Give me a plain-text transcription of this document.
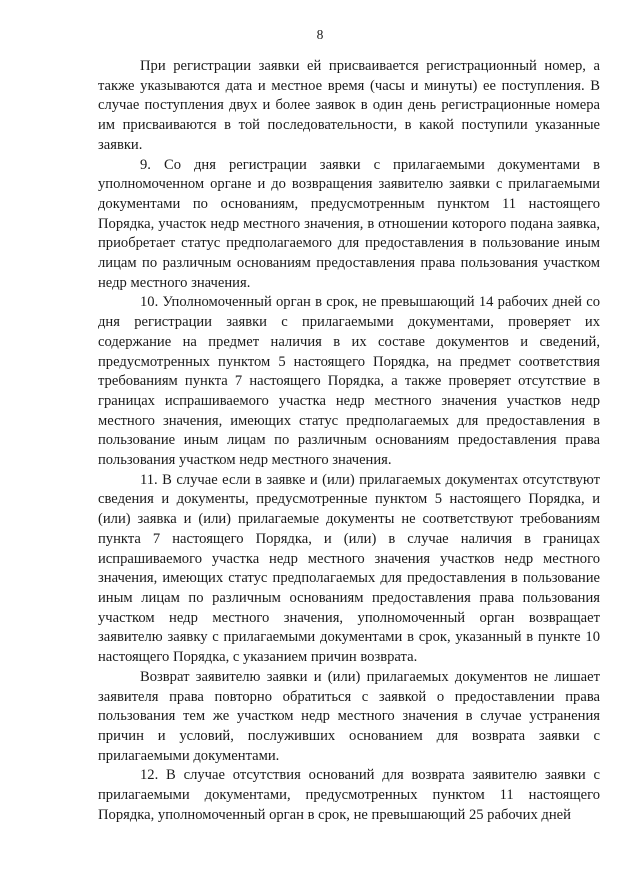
8

При регистрации заявки ей присваивается регистрационный номер, а также указываются дата и местное время (часы и минуты) ее поступления. В случае поступления двух и более заявок в один день регистрационные номера им присваиваются в той последовательности, в какой поступили указанные заявки.

9. Со дня регистрации заявки с прилагаемыми документами в уполномоченном органе и до возвращения заявителю заявки с прилагаемыми документами по основаниям, предусмотренным пунктом 11 настоящего Порядка, участок недр местного значения, в отношении которого подана заявка, приобретает статус предполагаемого для предоставления в пользование иным лицам по различным основаниям предоставления права пользования участком недр местного значения.

10. Уполномоченный орган в срок, не превышающий 14 рабочих дней со дня регистрации заявки с прилагаемыми документами, проверяет их содержание на предмет наличия в их составе документов и сведений, предусмотренных пунктом 5 настоящего Порядка, на предмет соответствия требованиям пункта 7 настоящего Порядка, а также проверяет отсутствие в границах испрашиваемого участка недр местного значения участков недр местного значения, имеющих статус предполагаемых для предоставления в пользование иным лицам по различным основаниям предоставления права пользования участком недр местного значения.

11. В случае если в заявке и (или) прилагаемых документах отсутствуют сведения и документы, предусмотренные пунктом 5 настоящего Порядка, и (или) заявка и (или) прилагаемые документы не соответствуют требованиям пункта 7 настоящего Порядка, и (или) в случае наличия в границах испрашиваемого участка недр местного значения участков недр местного значения, имеющих статус предполагаемых для предоставления в пользование иным лицам по различным основаниям предоставления права пользования участком недр местного значения, уполномоченный орган возвращает заявителю заявку с прилагаемыми документами в срок, указанный в пункте 10 настоящего Порядка, с указанием причин возврата.

Возврат заявителю заявки и (или) прилагаемых документов не лишает заявителя права повторно обратиться с заявкой о предоставлении права пользования тем же участком недр местного значения в случае устранения причин и условий, послуживших основанием для возврата заявки с прилагаемыми документами.

12. В случае отсутствия оснований для возврата заявителю заявки с прилагаемыми документами, предусмотренных пунктом 11 настоящего Порядка, уполномоченный орган в срок, не превышающий 25 рабочих дней
